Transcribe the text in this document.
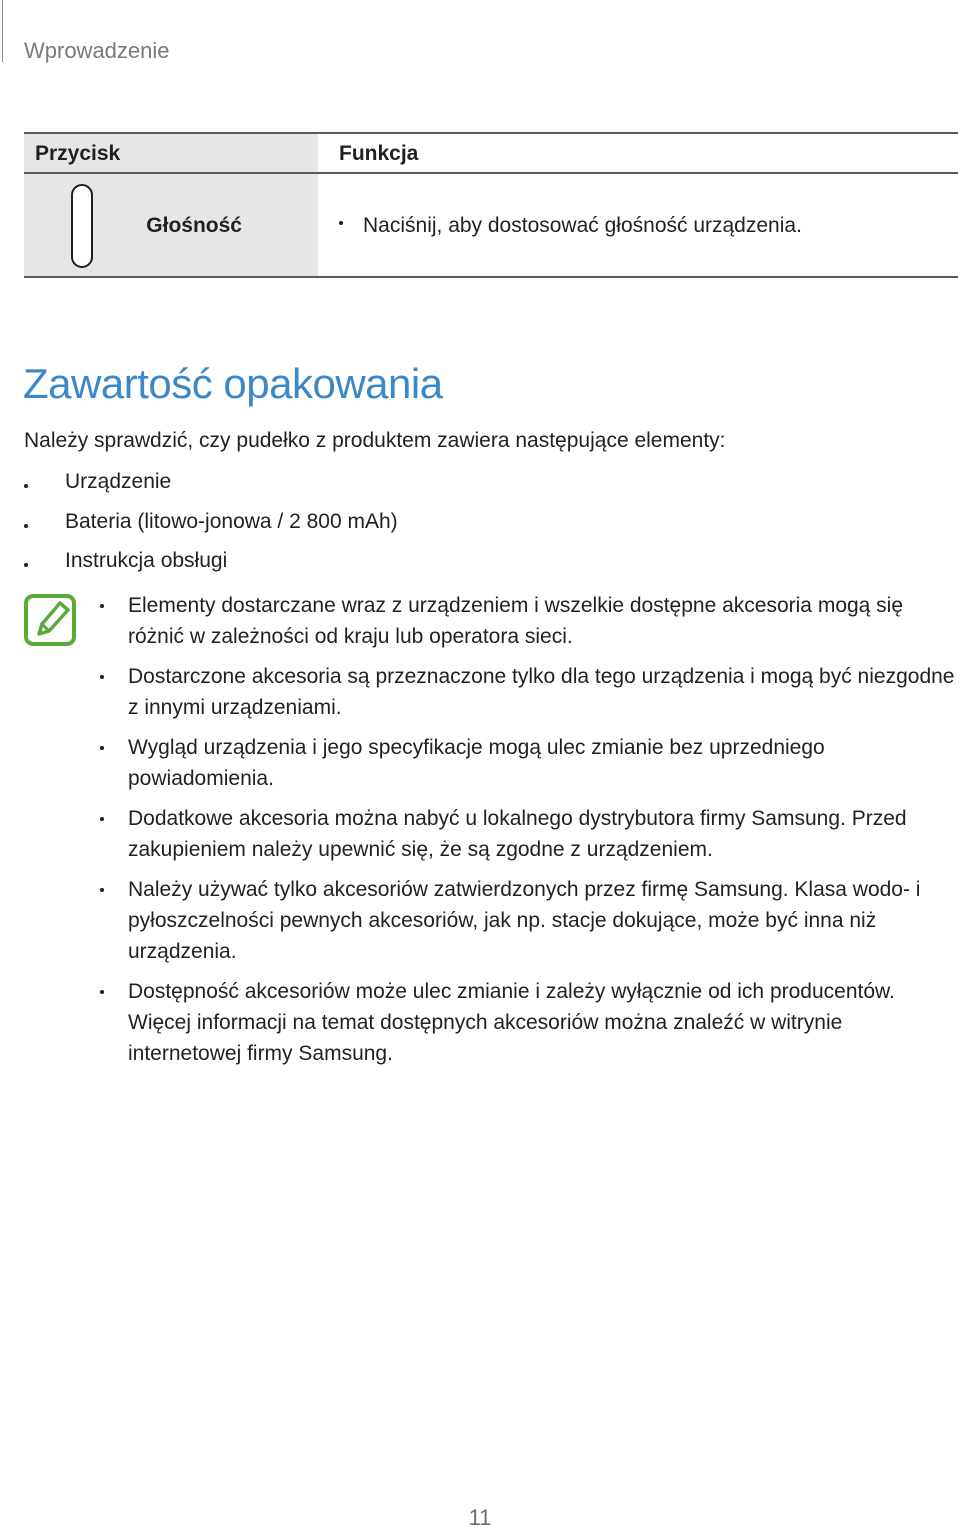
Wprowadzenie
Przycisk	Funkcja
Głośność	Naciśnij, aby dostosować głośność urządzenia.
Zawartość opakowania
Należy sprawdzić, czy pudełko z produktem zawiera następujące elementy:
Urządzenie
Bateria (litowo-jonowa / 2 800 mAh)
Instrukcja obsługi
Elementy dostarczane wraz z urządzeniem i wszelkie dostępne akcesoria mogą się różnić w zależności od kraju lub operatora sieci.
Dostarczone akcesoria są przeznaczone tylko dla tego urządzenia i mogą być niezgodne z innymi urządzeniami.
Wygląd urządzenia i jego specyfikacje mogą ulec zmianie bez uprzedniego powiadomienia.
Dodatkowe akcesoria można nabyć u lokalnego dystrybutora firmy Samsung. Przed zakupieniem należy upewnić się, że są zgodne z urządzeniem.
Należy używać tylko akcesoriów zatwierdzonych przez firmę Samsung. Klasa wodo- i pyłoszczelności pewnych akcesoriów, jak np. stacje dokujące, może być inna niż urządzenia.
Dostępność akcesoriów może ulec zmianie i zależy wyłącznie od ich producentów. Więcej informacji na temat dostępnych akcesoriów można znaleźć w witrynie internetowej firmy Samsung.
11
